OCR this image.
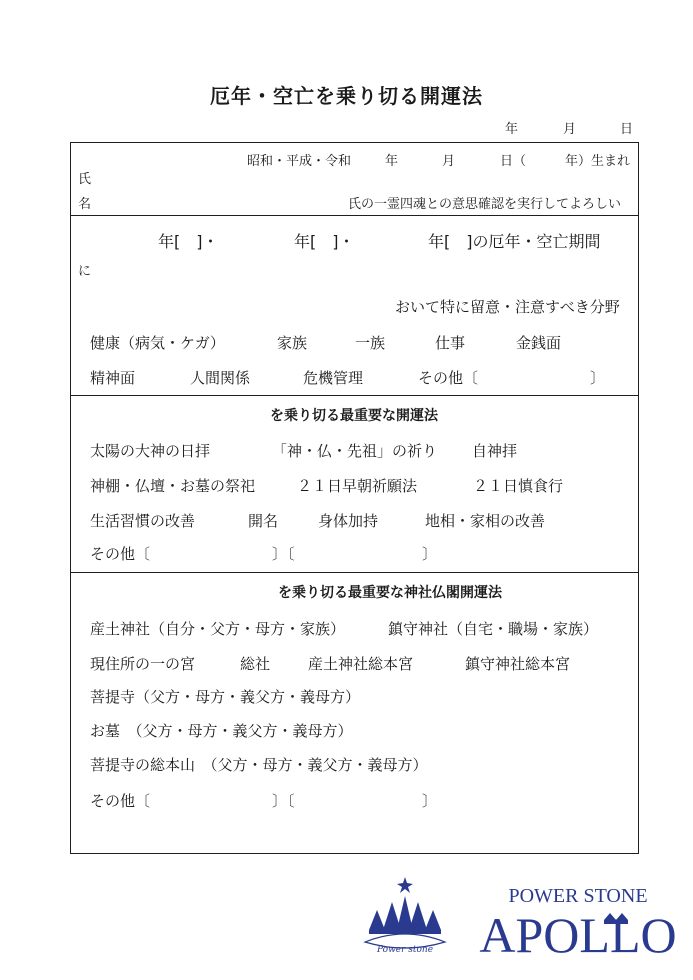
厄年・空亡を乗り切る開運法
年	月	日
昭和・平成・令和	年	月	日（	年）生まれ
氏
名	氏の一霊四魂との意思確認を実行してよろしい
年[　]・	年[　]・	年[　]の厄年・空亡期間
に
おいて特に留意・注意すべき分野
健康（病気・ケガ）	家族	一族	仕事	金銭面
精神面	人間関係	危機管理	その他〔	〕
を乗り切る最重要な開運法
太陽の大神の日拝	「神・仏・先祖」の祈り 自神拝
神棚・仏壇・お墓の祭祀	２１日早朝祈願法	２１日慎食行
生活習慣の改善	開名	身体加持	地相・家相の改善
その他〔	〕〔	〕
を乗り切る最重要な神社仏閣開運法
産土神社（自分・父方・母方・家族）	鎮守神社（自宅・職場・家族）
現住所の一の宮	総社	産土神社総本宮	鎮守神社総本宮
菩提寺（父方・母方・義父方・義母方）
お墓　（父方・母方・義父方・義母方）
菩提寺の総本山　（父方・母方・義父方・義母方）
その他〔	〕〔	〕
Power stone
POWER STONE
APOLLO
